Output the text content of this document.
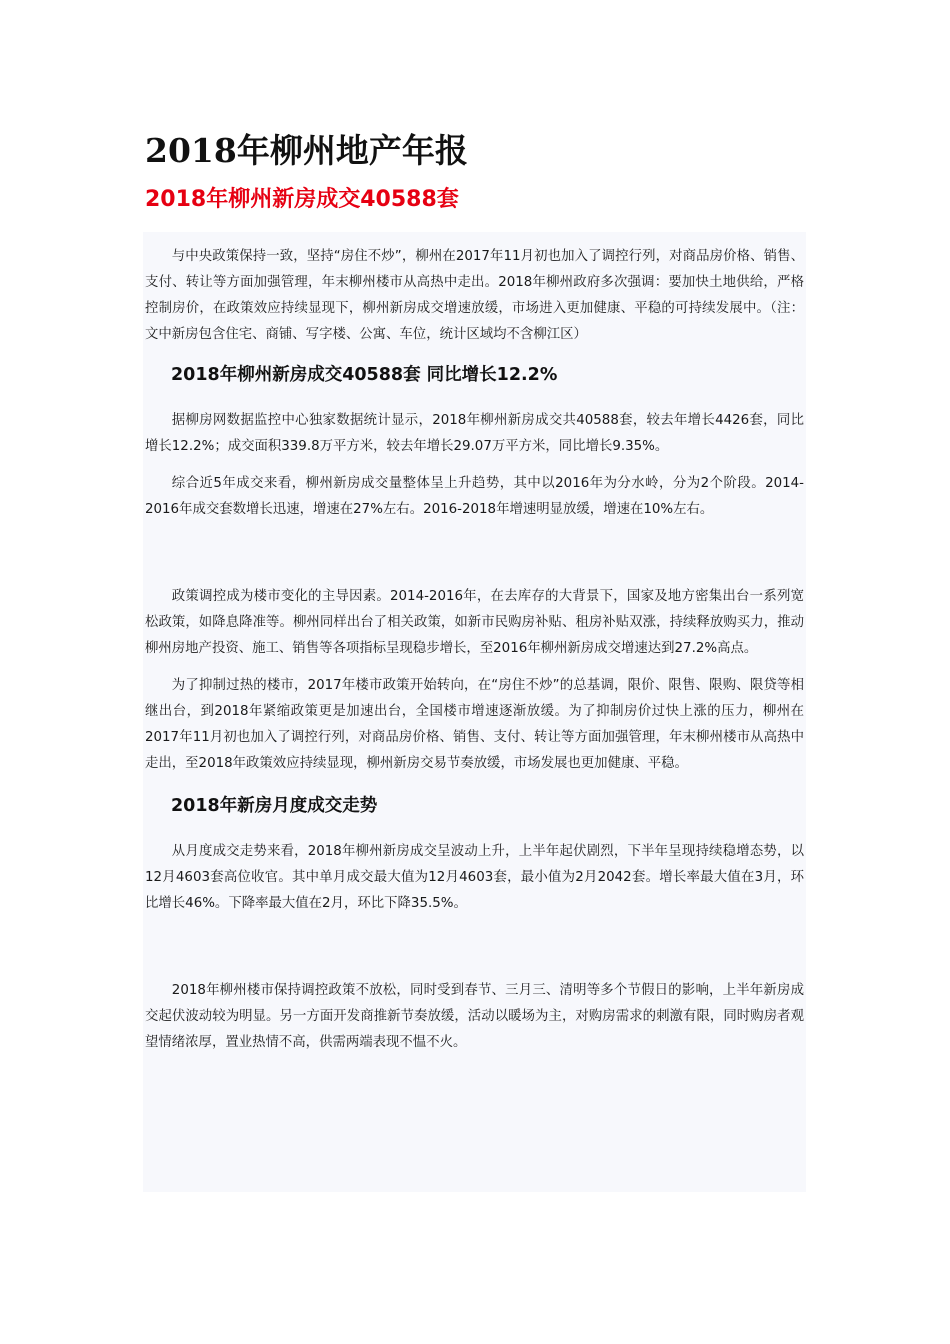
2018年柳州地产年报
2018年柳州新房成交40588套

与中央政策保持一致，坚持“房住不炒”，柳州在2017年11月初也加入了调控行列，对商品房价格、销售、支付、转让等方面加强管理，年末柳州楼市从高热中走出。2018年柳州政府多次强调：要加快土地供给，严格控制房价，在政策效应持续显现下，柳州新房成交增速放缓，市场进入更加健康、平稳的可持续发展中。（注：文中新房包含住宅、商铺、写字楼、公寓、车位，统计区域均不含柳江区）

2018年柳州新房成交40588套 同比增长12.2%

据柳房网数据监控中心独家数据统计显示，2018年柳州新房成交共40588套，较去年增长4426套，同比增长12.2%；成交面积339.8万平方米，较去年增长29.07万平方米，同比增长9.35%。

综合近5年成交来看，柳州新房成交量整体呈上升趋势，其中以2016年为分水岭，分为2个阶段。2014-2016年成交套数增长迅速，增速在27%左右。2016-2018年增速明显放缓，增速在10%左右。

政策调控成为楼市变化的主导因素。2014-2016年，在去库存的大背景下，国家及地方密集出台一系列宽松政策，如降息降准等。柳州同样出台了相关政策，如新市民购房补贴、租房补贴双涨，持续释放购买力，推动柳州房地产投资、施工、销售等各项指标呈现稳步增长，至2016年柳州新房成交增速达到27.2%高点。

为了抑制过热的楼市，2017年楼市政策开始转向，在“房住不炒”的总基调，限价、限售、限购、限贷等相继出台，到2018年紧缩政策更是加速出台，全国楼市增速逐渐放缓。为了抑制房价过快上涨的压力，柳州在2017年11月初也加入了调控行列，对商品房价格、销售、支付、转让等方面加强管理，年末柳州楼市从高热中走出，至2018年政策效应持续显现，柳州新房交易节奏放缓，市场发展也更加健康、平稳。

2018年新房月度成交走势

从月度成交走势来看，2018年柳州新房成交呈波动上升，上半年起伏剧烈，下半年呈现持续稳增态势，以12月4603套高位收官。其中单月成交最大值为12月4603套，最小值为2月2042套。增长率最大值在3月，环比增长46%。下降率最大值在2月，环比下降35.5%。

2018年柳州楼市保持调控政策不放松，同时受到春节、三月三、清明等多个节假日的影响，上半年新房成交起伏波动较为明显。另一方面开发商推新节奏放缓，活动以暖场为主，对购房需求的刺激有限，同时购房者观望情绪浓厚，置业热情不高，供需两端表现不愠不火。
